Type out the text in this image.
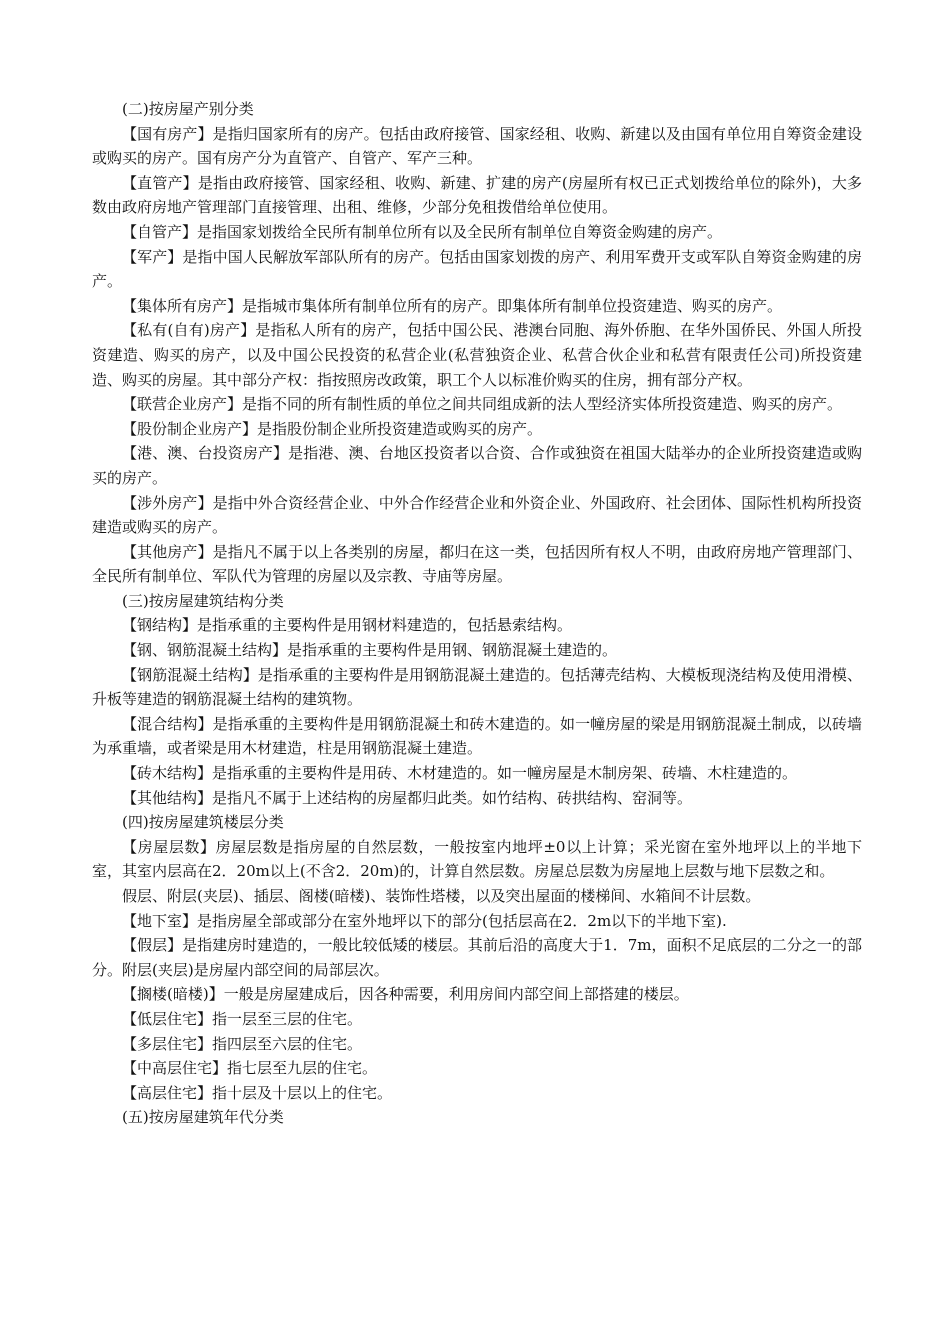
(二)按房屋产别分类

【国有房产】是指归国家所有的房产。包括由政府接管、国家经租、收购、新建以及由国有单位用自筹资金建设或购买的房产。国有房产分为直管产、自管产、军产三种。

【直管产】是指由政府接管、国家经租、收购、新建、扩建的房产(房屋所有权已正式划拨给单位的除外)，大多数由政府房地产管理部门直接管理、出租、维修，少部分免租拨借给单位使用。

【自管产】是指国家划拨给全民所有制单位所有以及全民所有制单位自筹资金购建的房产。

【军产】是指中国人民解放军部队所有的房产。包括由国家划拨的房产、利用军费开支或军队自筹资金购建的房产。

【集体所有房产】是指城市集体所有制单位所有的房产。即集体所有制单位投资建造、购买的房产。

【私有(自有)房产】是指私人所有的房产，包括中国公民、港澳台同胞、海外侨胞、在华外国侨民、外国人所投资建造、购买的房产，以及中国公民投资的私营企业(私营独资企业、私营合伙企业和私营有限责任公司)所投资建造、购买的房屋。其中部分产权：指按照房改政策，职工个人以标准价购买的住房，拥有部分产权。

【联营企业房产】是指不同的所有制性质的单位之间共同组成新的法人型经济实体所投资建造、购买的房产。

【股份制企业房产】是指股份制企业所投资建造或购买的房产。

【港、澳、台投资房产】是指港、澳、台地区投资者以合资、合作或独资在祖国大陆举办的企业所投资建造或购买的房产。

【涉外房产】是指中外合资经营企业、中外合作经营企业和外资企业、外国政府、社会团体、国际性机构所投资建造或购买的房产。

【其他房产】是指凡不属于以上各类别的房屋，都归在这一类，包括因所有权人不明，由政府房地产管理部门、全民所有制单位、军队代为管理的房屋以及宗教、寺庙等房屋。

(三)按房屋建筑结构分类

【钢结构】是指承重的主要构件是用钢材料建造的，包括悬索结构。

【钢、钢筋混凝土结构】是指承重的主要构件是用钢、钢筋混凝土建造的。

【钢筋混凝土结构】是指承重的主要构件是用钢筋混凝土建造的。包括薄壳结构、大模板现浇结构及使用滑模、升板等建造的钢筋混凝土结构的建筑物。

【混合结构】是指承重的主要构件是用钢筋混凝土和砖木建造的。如一幢房屋的梁是用钢筋混凝土制成，以砖墙为承重墙，或者梁是用木材建造，柱是用钢筋混凝土建造。

【砖木结构】是指承重的主要构件是用砖、木材建造的。如一幢房屋是木制房架、砖墙、木柱建造的。

【其他结构】是指凡不属于上述结构的房屋都归此类。如竹结构、砖拱结构、窑洞等。

(四)按房屋建筑楼层分类

【房屋层数】房屋层数是指房屋的自然层数，一般按室内地坪±0以上计算；采光窗在室外地坪以上的半地下室，其室内层高在2．20m以上(不含2．20m)的，计算自然层数。房屋总层数为房屋地上层数与地下层数之和。

假层、附层(夹层)、插层、阁楼(暗楼)、装饰性塔楼，以及突出屋面的楼梯间、水箱间不计层数。

【地下室】是指房屋全部或部分在室外地坪以下的部分(包括层高在2．2m以下的半地下室).

【假层】是指建房时建造的，一般比较低矮的楼层。其前后沿的高度大于1．7m，面积不足底层的二分之一的部分。附层(夹层)是房屋内部空间的局部层次。

【搁楼(暗楼)】一般是房屋建成后，因各种需要，利用房间内部空间上部搭建的楼层。

【低层住宅】指一层至三层的住宅。

【多层住宅】指四层至六层的住宅。

【中高层住宅】指七层至九层的住宅。

【高层住宅】指十层及十层以上的住宅。

(五)按房屋建筑年代分类
